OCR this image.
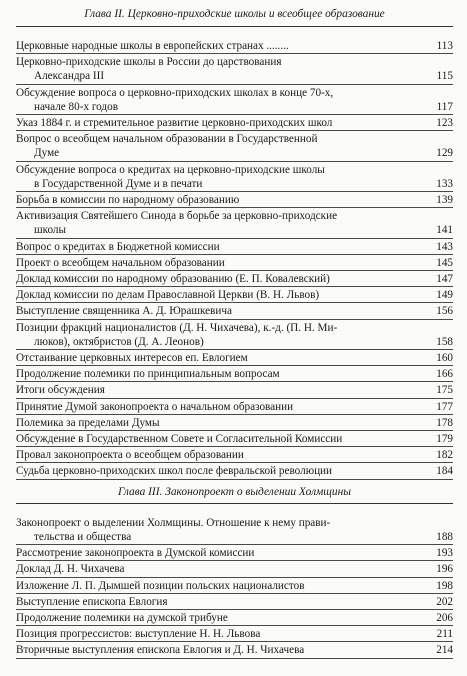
Глава II. Церковно-приходские школы и всеобщее образование
Церковные народные школы в европейских странах ........	113
Церковно-приходские школы в России до царствования
Александра III	115
Обсуждение вопроса о церковно-приходских школах в конце 70-х,
начале 80-х годов	117
Указ 1884 г. и стремительное развитие церковно-приходских школ	123
Вопрос о всеобщем начальном образовании в Государственной
Думе	129
Обсуждение вопроса о кредитах на церковно-приходские школы
в Государственной Думе и в печати	133
Борьба в комиссии по народному образованию	139
Активизация Святейшего Синода в борьбе за церковно-приходские
школы	141
Вопрос о кредитах в Бюджетной комиссии	143
Проект о всеобщем начальном образовании	145
Доклад комиссии по народному образованию (Е. П. Ковалевский)	147
Доклад комиссии по делам Православной Церкви (В. Н. Львов)	149
Выступление священника А. Д. Юрашкевича	156
Позиции фракций националистов (Д. Н. Чихачева), к.-д. (П. Н. Ми-
люков), октябристов (Д. А. Леонов)	158
Отстаивание церковных интересов еп. Евлогием	160
Продолжение полемики по принципиальным вопросам	166
Итоги обсуждения	175
Принятие Думой законопроекта о начальном образовании	177
Полемика за пределами Думы	178
Обсуждение в Государственном Совете и Согласительной Комиссии	179
Провал законопроекта о всеобщем образовании	182
Судьба церковно-приходских школ после февральской революции	184
Глава III. Законопроект о выделении Холмщины
Законопроект о выделении Холмщины. Отношение к нему прави-
тельства и общества	188
Рассмотрение законопроекта в Думской комиссии	193
Доклад Д. Н. Чихачева	196
Изложение Л. П. Дымшей позиции польских националистов	198
Выступление епископа Евлогия	202
Продолжение полемики на думской трибуне	206
Позиция прогрессистов: выступление Н. Н. Львова	211
Вторичные выступления епископа Евлогия и Д. Н. Чихачева	214
